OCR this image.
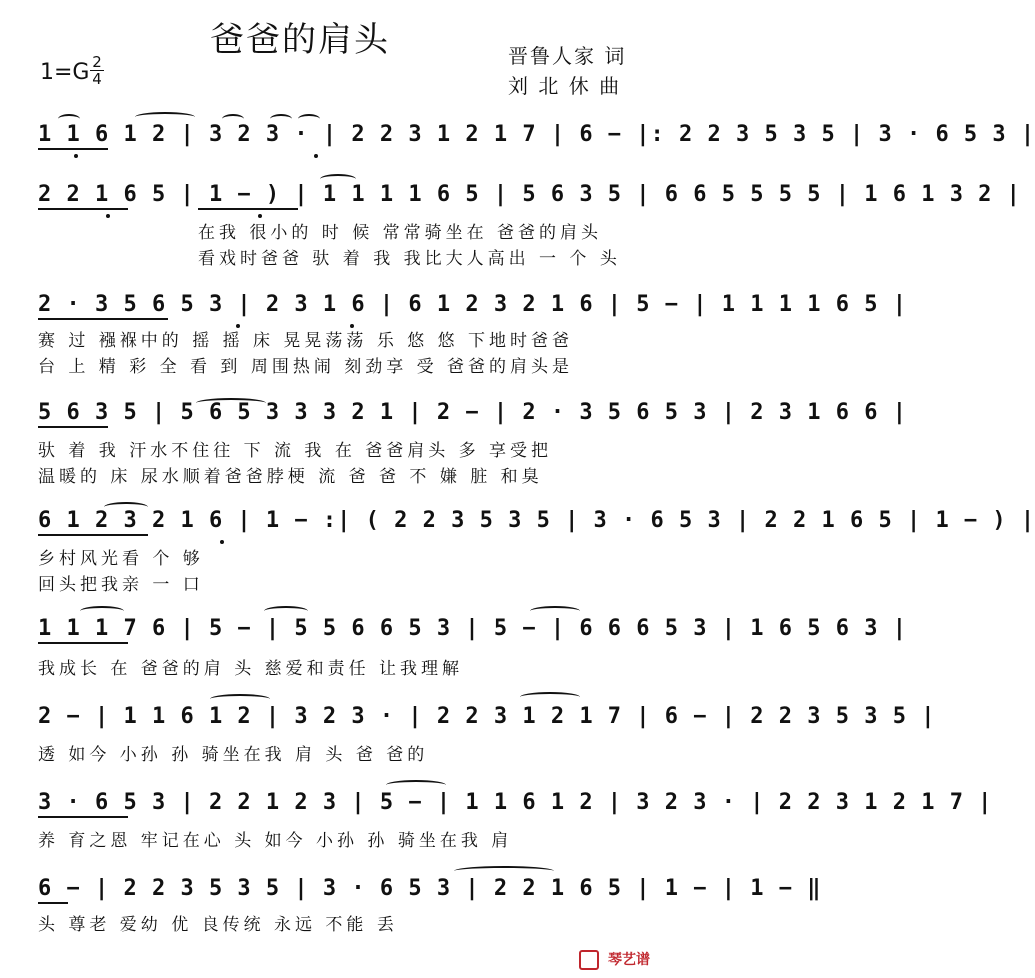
爸爸的肩头
1=G 2
4
晋鲁人家 词
刘 北 休 曲
1 1 6 1 2 | 3 2 3 · | 2 2 3 1 2 1 7 | 6 − |: 2 2 3 5 3 5 | 3 · 6 5 3 |
2 2 1 6 5 | 1 − ) | 1 1 1 1 6 5 | 5 6 3 5 | 6 6 5 5 5 5 | 1 6 1 3 2 |
在我 很小的 时 候 常常骑坐在 爸爸的肩头
看戏时爸爸 驮 着 我 我比大人高出 一 个 头
2 · 3 5 6 5 3 | 2 3 1 6 | 6 1 2 3 2 1 6 | 5 − | 1 1 1 1 6 5 |
赛 过 襁褓中的 摇 摇 床 晃晃荡荡 乐 悠 悠 下地时爸爸
台 上 精 彩 全 看 到 周围热闹 刻劲享 受 爸爸的肩头是
5 6 3 5 | 5 6 5 3 3 3 2 1 | 2 − | 2 · 3 5 6 5 3 | 2 3 1 6 6 |
驮 着 我 汗水不住往 下 流 我 在 爸爸肩头 多 享受把
温暖的 床 尿水顺着爸爸脖梗 流 爸 爸 不 嫌 脏 和臭
6 1 2 3 2 1 6 | 1 − :| ( 2 2 3 5 3 5 | 3 · 6 5 3 | 2 2 1 6 5 | 1 − ) |
乡村风光看 个 够
回头把我亲 一 口
1 1 1 7 6 | 5 − | 5 5 6 6 5 3 | 5 − | 6 6 6 5 3 | 1 6 5 6 3 |
我成长 在 爸爸的肩 头 慈爱和责任 让我理解
2 − | 1 1 6 1 2 | 3 2 3 · | 2 2 3 1 2 1 7 | 6 − | 2 2 3 5 3 5 |
透 如今 小孙 孙 骑坐在我 肩 头 爸 爸的
3 · 6 5 3 | 2 2 1 2 3 | 5 − | 1 1 6 1 2 | 3 2 3 · | 2 2 3 1 2 1 7 |
养 育之恩 牢记在心 头 如今 小孙 孙 骑坐在我 肩
6 − | 2 2 3 5 3 5 | 3 · 6 5 3 | 2 2 1 6 5 | 1 − | 1 − ‖
头 尊老 爱幼 优 良传统 永远 不能 丢
琴艺谱
